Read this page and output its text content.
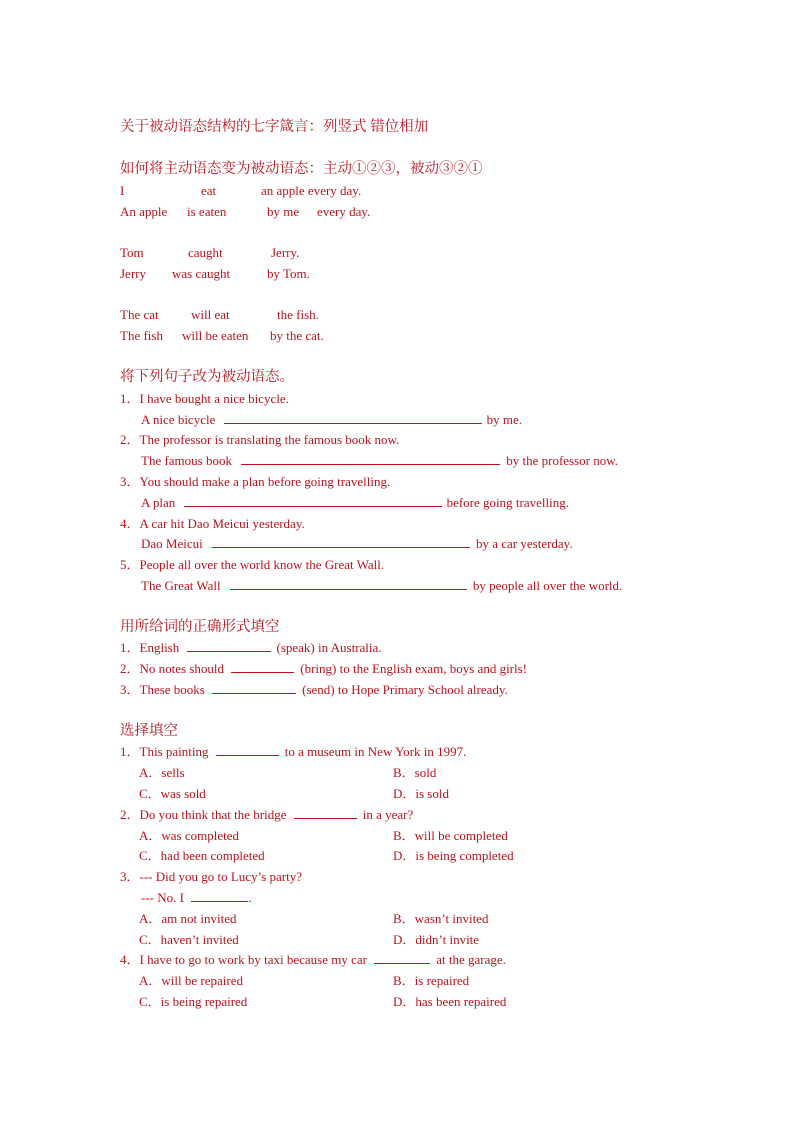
关于被动语态结构的七字箴言：列竖式 错位相加
如何将主动语态变为被动语态：主动①②③，被动③②①
I	eat	an apple every day.
An apple is eaten	by me every day.
Tom	caught	Jerry.
Jerry was caught	by Tom.
The cat will eat	the fish.
The fish will be eaten by the cat.
将下列句子改为被动语态。
1．I have bought a nice bicycle.
A nice bicycle	by me.
2．The professor is translating the famous book now.
The famous book	by the professor now.
3．You should make a plan before going travelling.
A plan	before going travelling.
4．A car hit Dao Meicui yesterday.
Dao Meicui	by a car yesterday.
5．People all over the world know the Great Wall.
The Great Wall	by people all over the world.
用所给词的正确形式填空
1．English	(speak) in Australia.
2．No notes should	(bring) to the English exam, boys and girls!
3．These books	(send) to Hope Primary School already.
选择填空
1．This painting	to a museum in New York in 1997.
A．sells	B．sold
C．was sold	D．is sold
2．Do you think that the bridge	in a year?
A．was completed	B．will be completed
C．had been completed	D．is being completed
3．--- Did you go to Lucy’s party?
--- No. I	.
A．am not invited	B．wasn’t invited
C．haven’t invited	D．didn’t invite
4．I have to go to work by taxi because my car	at the garage.
A．will be repaired	B．is repaired
C．is being repaired	D．has been repaired
